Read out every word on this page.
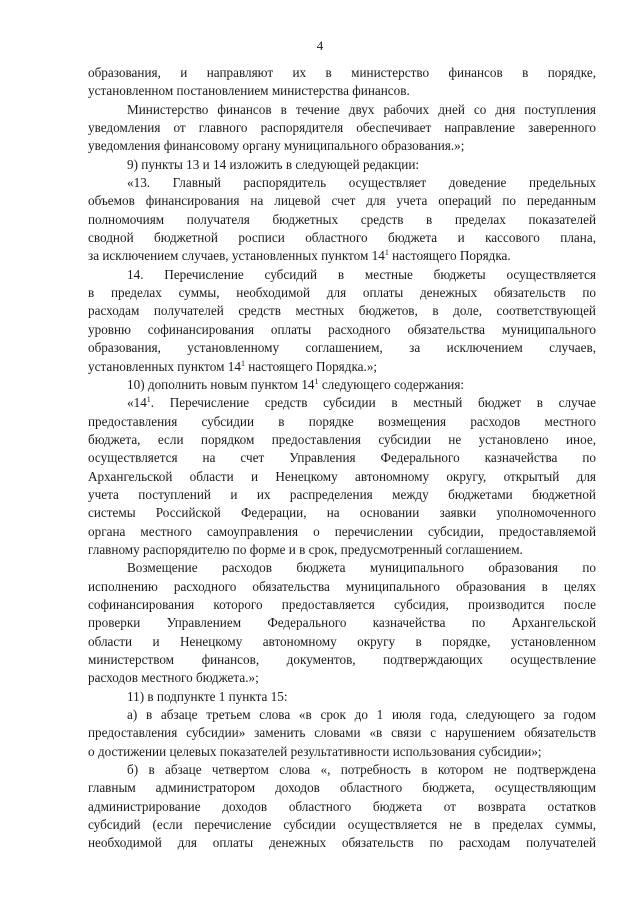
4
образования, и направляют их в министерство финансов в порядке,
установленном постановлением министерства финансов.
Министерство финансов в течение двух рабочих дней со дня поступления
уведомления от главного распорядителя обеспечивает направление заверенного
уведомления финансовому органу муниципального образования.»;
9) пункты 13 и 14 изложить в следующей редакции:
«13. Главный распорядитель осуществляет доведение предельных
объемов финансирования на лицевой счет для учета операций по переданным
полномочиям получателя бюджетных средств в пределах показателей
сводной бюджетной росписи областного бюджета и кассового плана,
за исключением случаев, установленных пунктом $14^1$ настоящего Порядка.
14. Перечисление субсидий в местные бюджеты осуществляется
в пределах суммы, необходимой для оплаты денежных обязательств по
расходам получателей средств местных бюджетов, в доле, соответствующей
уровню софинансирования оплаты расходного обязательства муниципального
образования, установленному соглашением, за исключением случаев,
установленных пунктом $14^1$ настоящего Порядка.»;
10) дополнить новым пунктом $14^1$ следующего содержания:
«$14^1$. Перечисление средств субсидии в местный бюджет в случае
предоставления субсидии в порядке возмещения расходов местного
бюджета, если порядком предоставления субсидии не установлено иное,
осуществляется на счет Управления Федерального казначейства по
Архангельской области и Ненецкому автономному округу, открытый для
учета поступлений и их распределения между бюджетами бюджетной
системы Российской Федерации, на основании заявки уполномоченного
органа местного самоуправления о перечислении субсидии, предоставляемой
главному распорядителю по форме и в срок, предусмотренный соглашением.
Возмещение расходов бюджета муниципального образования по
исполнению расходного обязательства муниципального образования в целях
софинансирования которого предоставляется субсидия, производится после
проверки Управлением Федерального казначейства по Архангельской
области и Ненецкому автономному округу в порядке, установленном
министерством финансов, документов, подтверждающих осуществление
расходов местного бюджета.»;
11) в подпункте 1 пункта 15:
а) в абзаце третьем слова «в срок до 1 июля года, следующего за годом
предоставления субсидии» заменить словами «в связи с нарушением обязательств
о достижении целевых показателей результативности использования субсидии»;
б) в абзаце четвертом слова «, потребность в котором не подтверждена
главным администратором доходов областного бюджета, осуществляющим
администрирование доходов областного бюджета от возврата остатков
субсидий (если перечисление субсидии осуществляется не в пределах суммы,
необходимой для оплаты денежных обязательств по расходам получателей
